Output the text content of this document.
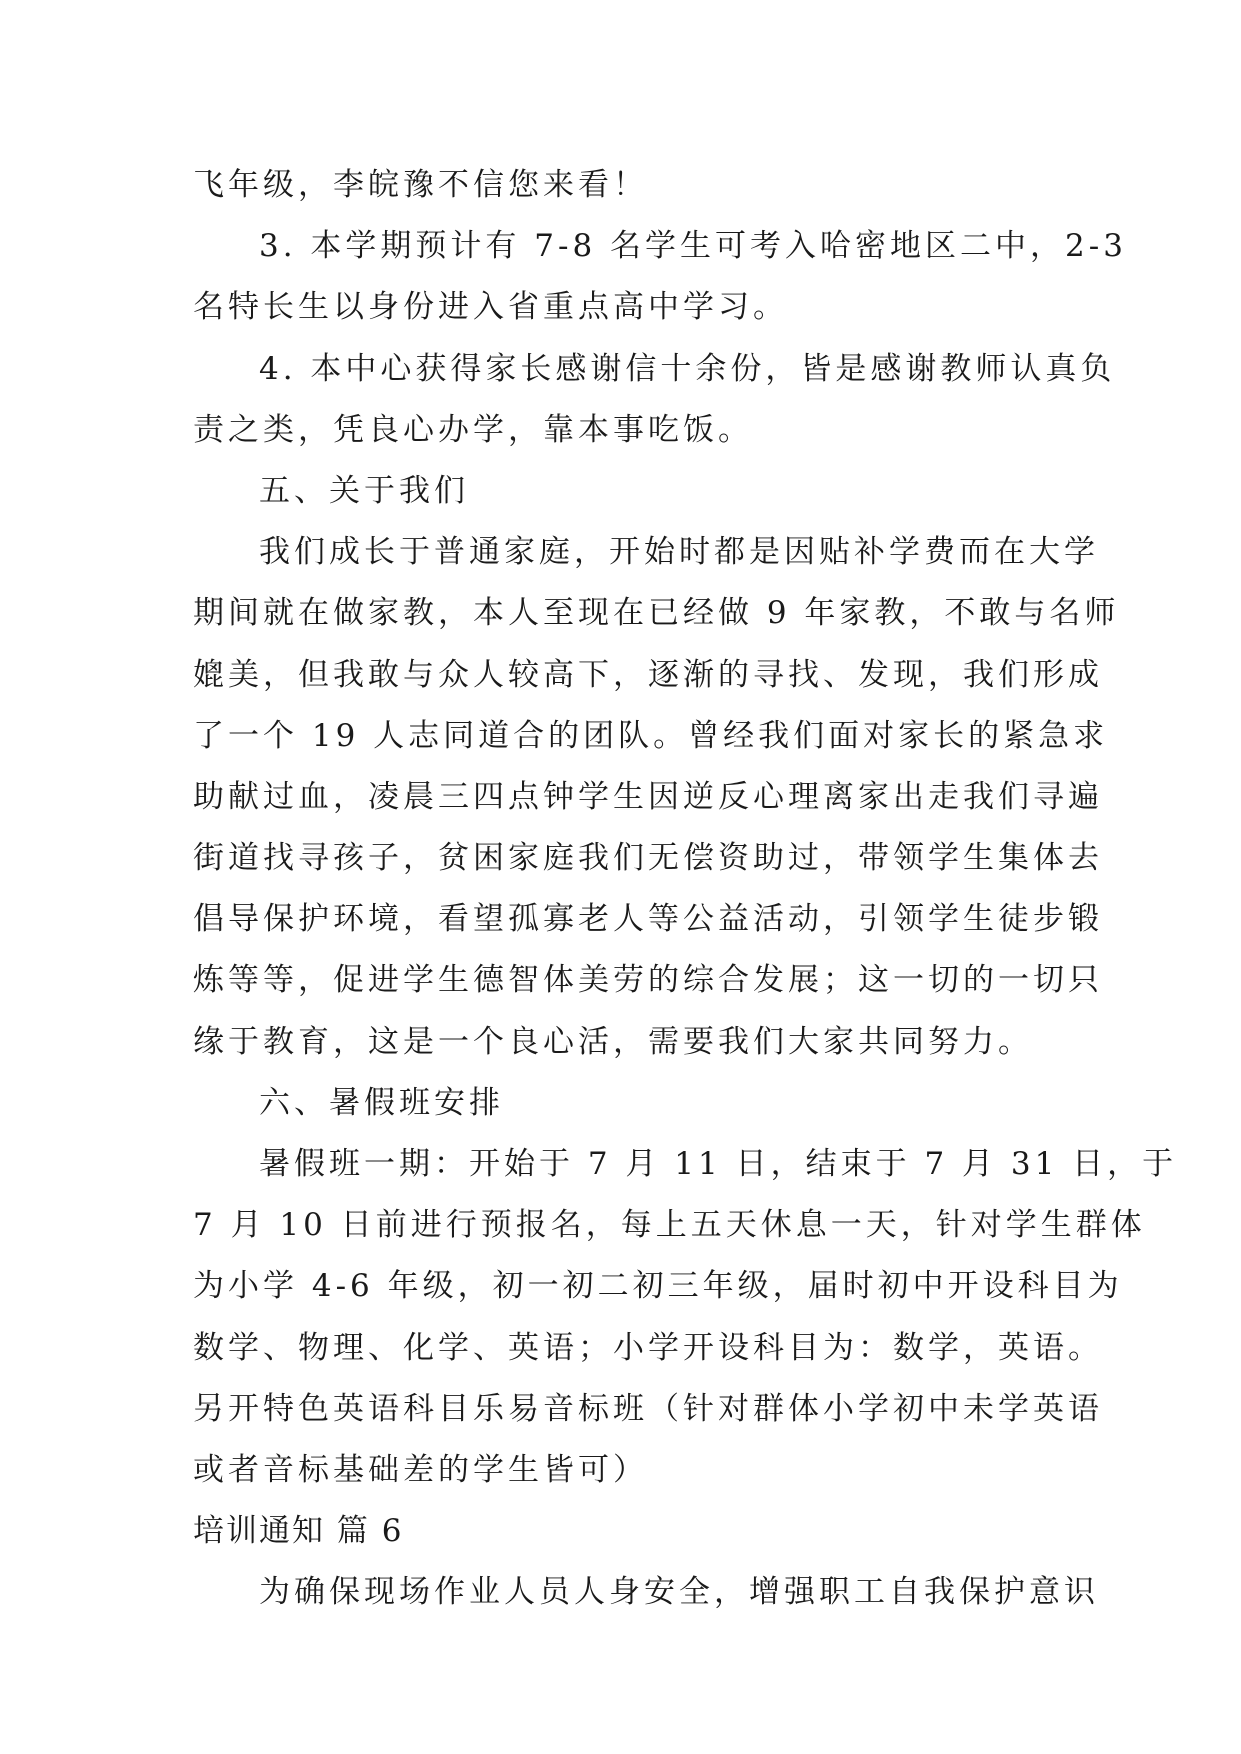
飞年级，李皖豫不信您来看！
3. 本学期预计有 7-8 名学生可考入哈密地区二中，2-3
名特长生以身份进入省重点高中学习。
4. 本中心获得家长感谢信十余份，皆是感谢教师认真负
责之类，凭良心办学，靠本事吃饭。
五、关于我们
我们成长于普通家庭，开始时都是因贴补学费而在大学
期间就在做家教，本人至现在已经做 9 年家教，不敢与名师
媲美，但我敢与众人较高下，逐渐的寻找、发现，我们形成
了一个 19 人志同道合的团队。曾经我们面对家长的紧急求
助献过血，凌晨三四点钟学生因逆反心理离家出走我们寻遍
街道找寻孩子，贫困家庭我们无偿资助过，带领学生集体去
倡导保护环境，看望孤寡老人等公益活动，引领学生徒步锻
炼等等，促进学生德智体美劳的综合发展；这一切的一切只
缘于教育，这是一个良心活，需要我们大家共同努力。
六、暑假班安排
暑假班一期：开始于 7 月 11 日，结束于 7 月 31 日，于
7 月 10 日前进行预报名，每上五天休息一天，针对学生群体
为小学 4-6 年级，初一初二初三年级，届时初中开设科目为
数学、物理、化学、英语；小学开设科目为：数学，英语。
另开特色英语科目乐易音标班（针对群体小学初中未学英语
或者音标基础差的学生皆可）
培训通知 篇 6
为确保现场作业人员人身安全，增强职工自我保护意识
